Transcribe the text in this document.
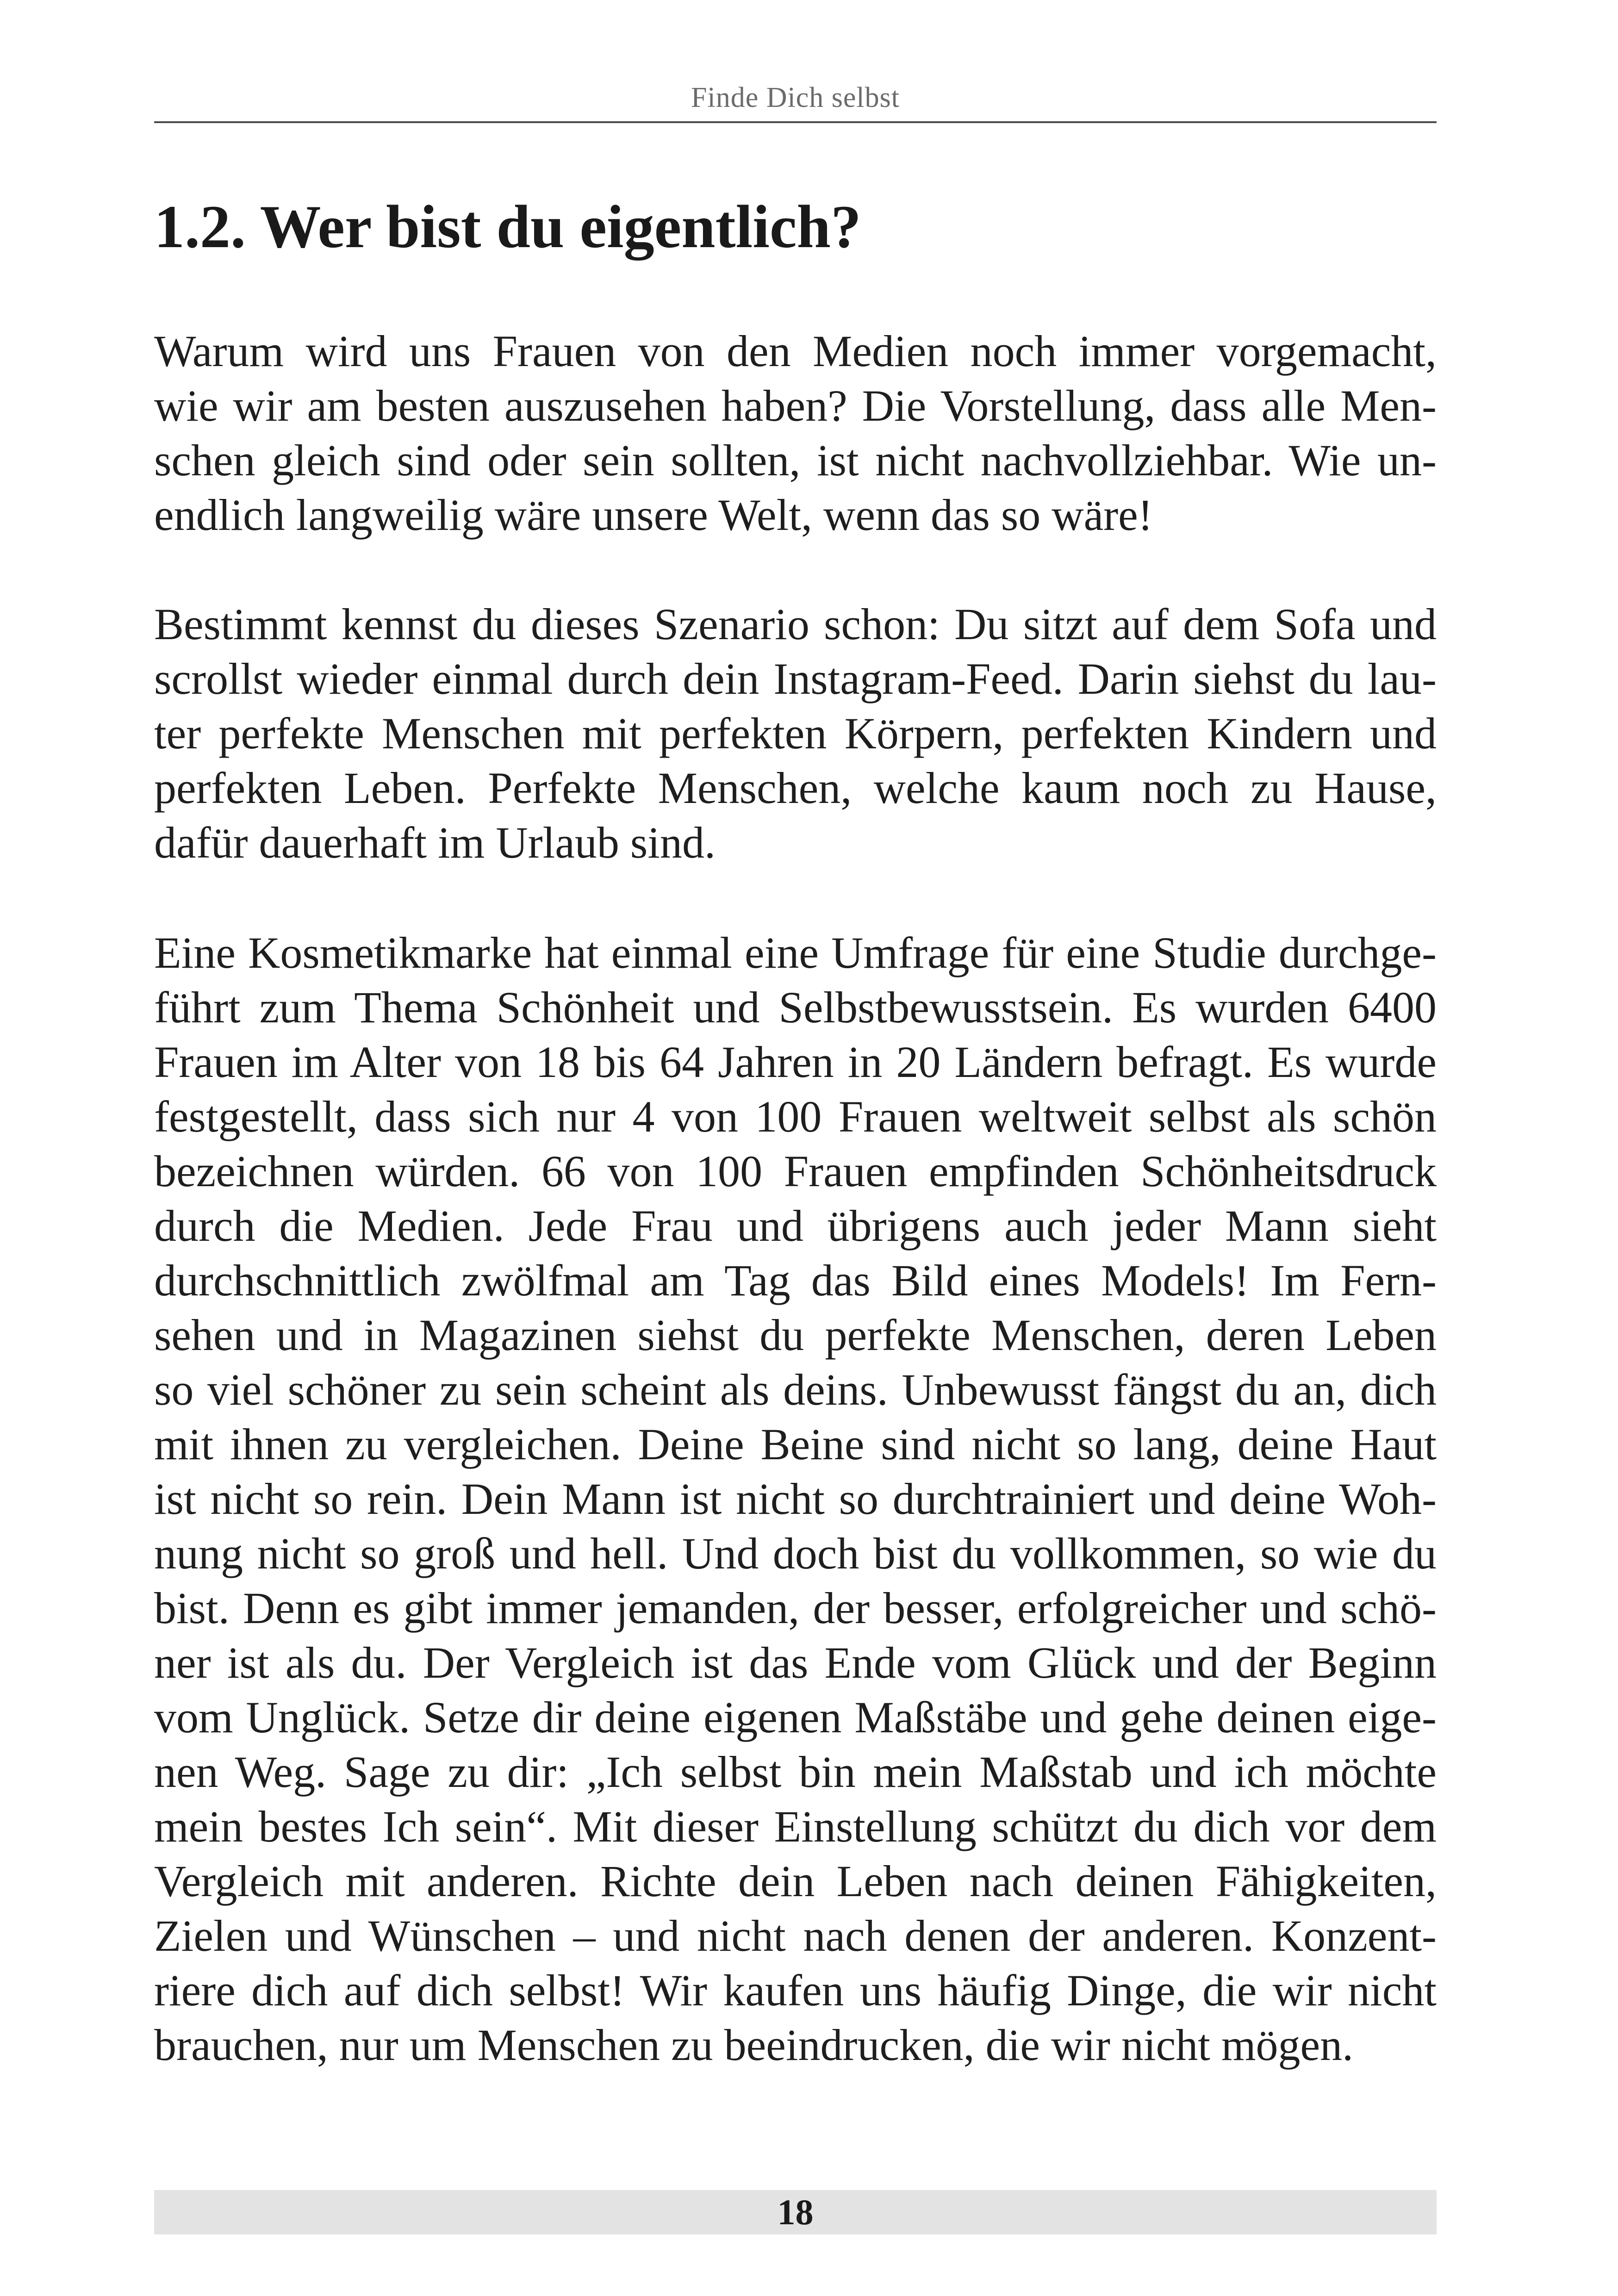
Finde Dich selbst
1.2. Wer bist du eigentlich?
Warum wird uns Frauen von den Medien noch immer vorgemacht,
wie wir am besten auszusehen haben? Die Vorstellung, dass alle Men-
schen gleich sind oder sein sollten, ist nicht nachvollziehbar. Wie un-
endlich langweilig wäre unsere Welt, wenn das so wäre!
Bestimmt kennst du dieses Szenario schon: Du sitzt auf dem Sofa und
scrollst wieder einmal durch dein Instagram-Feed. Darin siehst du lau-
ter perfekte Menschen mit perfekten Körpern, perfekten Kindern und
perfekten Leben. Perfekte Menschen, welche kaum noch zu Hause,
dafür dauerhaft im Urlaub sind.
Eine Kosmetikmarke hat einmal eine Umfrage für eine Studie durchge-
führt zum Thema Schönheit und Selbstbewusstsein. Es wurden 6400
Frauen im Alter von 18 bis 64 Jahren in 20 Ländern befragt. Es wurde
festgestellt, dass sich nur 4 von 100 Frauen weltweit selbst als schön
bezeichnen würden. 66 von 100 Frauen empfinden Schönheitsdruck
durch die Medien. Jede Frau und übrigens auch jeder Mann sieht
durchschnittlich zwölfmal am Tag das Bild eines Models! Im Fern-
sehen und in Magazinen siehst du perfekte Menschen, deren Leben
so viel schöner zu sein scheint als deins. Unbewusst fängst du an, dich
mit ihnen zu vergleichen. Deine Beine sind nicht so lang, deine Haut
ist nicht so rein. Dein Mann ist nicht so durchtrainiert und deine Woh-
nung nicht so groß und hell. Und doch bist du vollkommen, so wie du
bist. Denn es gibt immer jemanden, der besser, erfolgreicher und schö-
ner ist als du. Der Vergleich ist das Ende vom Glück und der Beginn
vom Unglück. Setze dir deine eigenen Maßstäbe und gehe deinen eige-
nen Weg. Sage zu dir: „Ich selbst bin mein Maßstab und ich möchte
mein bestes Ich sein“. Mit dieser Einstellung schützt du dich vor dem
Vergleich mit anderen. Richte dein Leben nach deinen Fähigkeiten,
Zielen und Wünschen – und nicht nach denen der anderen. Konzent-
riere dich auf dich selbst! Wir kaufen uns häufig Dinge, die wir nicht
brauchen, nur um Menschen zu beeindrucken, die wir nicht mögen.
18
